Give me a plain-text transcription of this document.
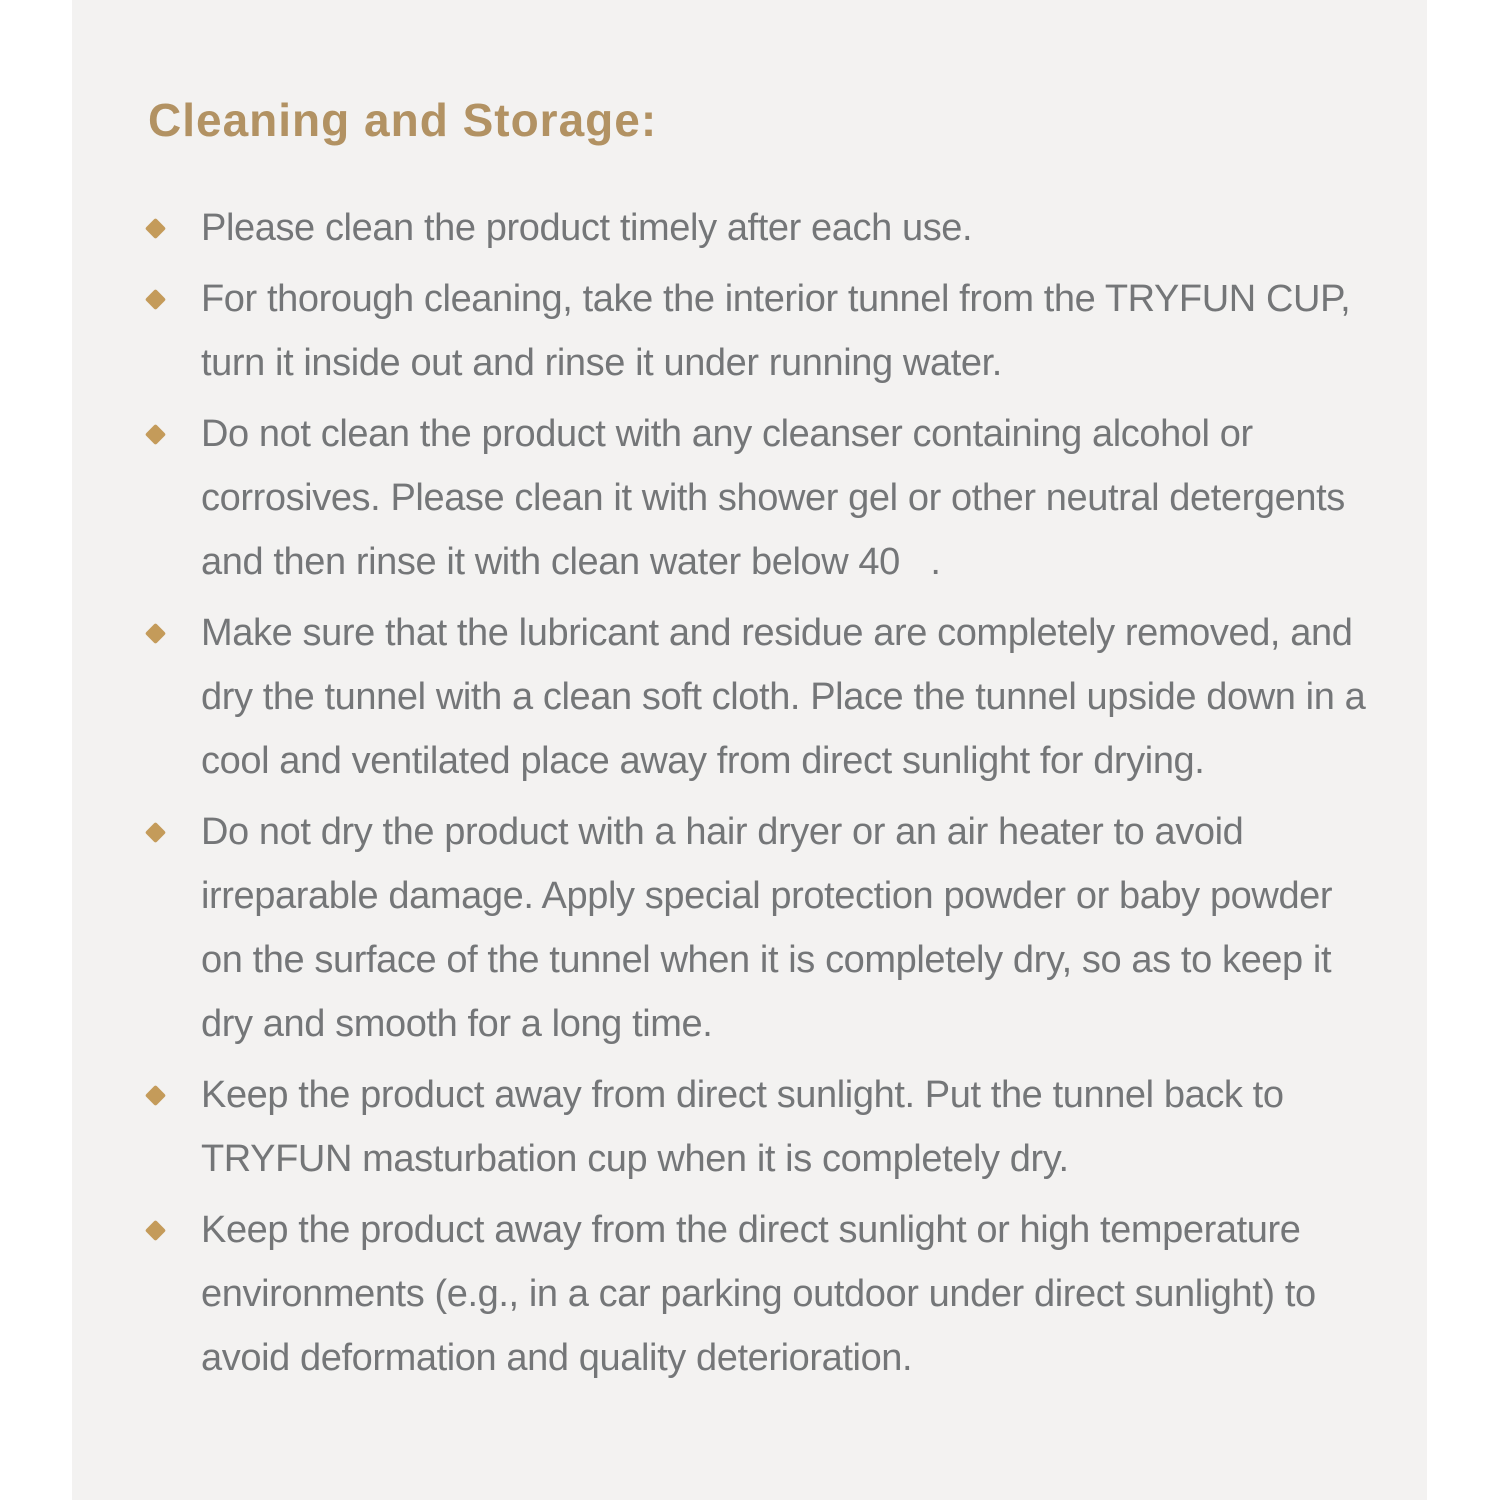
Cleaning and Storage:
Please clean the product timely after each use.
For thorough cleaning, take the interior tunnel from the TRYFUN CUP, turn it inside out and rinse it under running water.
Do not clean the product with any cleanser containing alcohol or corrosives. Please clean it with shower gel or other neutral detergents and then rinse it with clean water below 40   .
Make sure that the lubricant and residue are completely removed, and dry the tunnel with a clean soft cloth. Place the tunnel upside down in a cool and ventilated place away from direct sunlight for drying.
Do not dry the product with a hair dryer or an air heater to avoid irreparable damage. Apply special protection powder or baby powder on the surface of the tunnel when it is completely dry, so as to keep it dry and smooth for a long time.
Keep the product away from direct sunlight. Put the tunnel back to TRYFUN masturbation cup when it is completely dry.
Keep the product away from the direct sunlight or high temperature environments (e.g., in a car parking outdoor under direct sunlight) to avoid deformation and quality deterioration.
